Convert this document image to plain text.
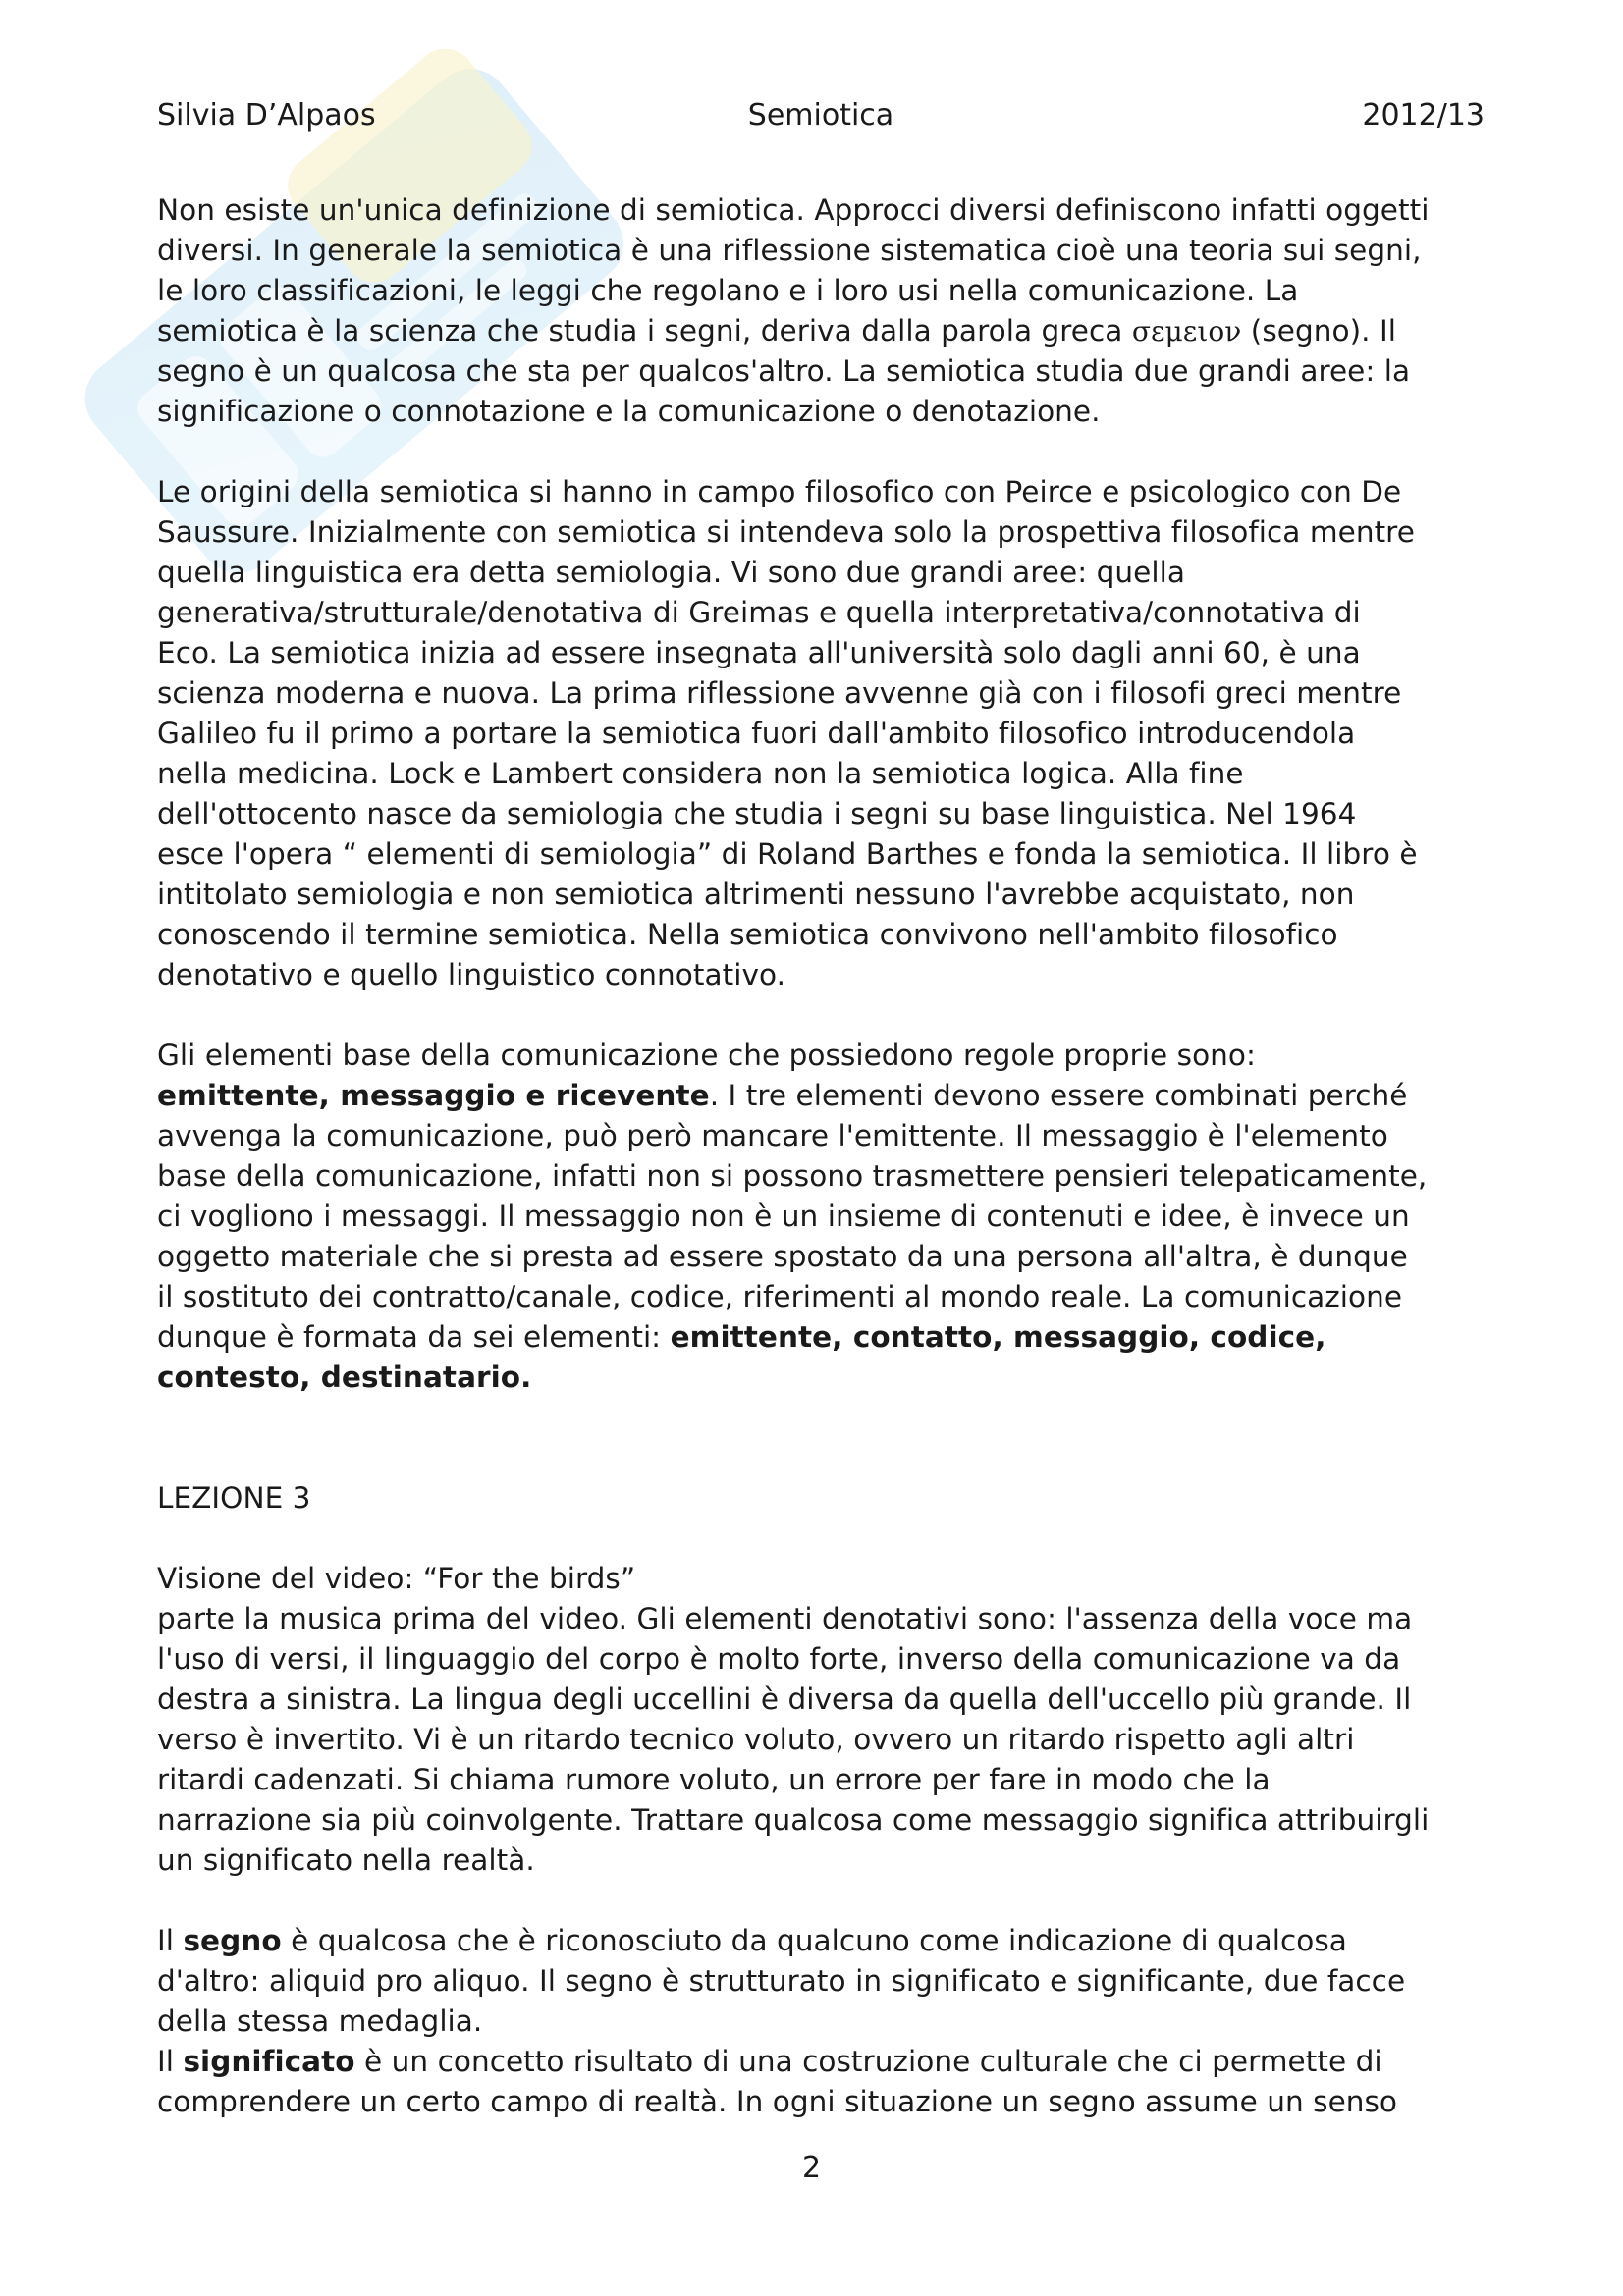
Silvia D’Alpaos	Semiotica	2012/13
Non esiste un'unica definizione di semiotica. Approcci diversi definiscono infatti oggetti
diversi. In generale la semiotica è una riflessione sistematica cioè una teoria sui segni,
le loro classificazioni, le leggi che regolano e i loro usi nella comunicazione. La
semiotica è la scienza che studia i segni, deriva dalla parola greca σεμειον (segno). Il
segno è un qualcosa che sta per qualcos'altro. La semiotica studia due grandi aree: la
significazione o connotazione e la comunicazione o denotazione.
Le origini della semiotica si hanno in campo filosofico con Peirce e psicologico con De
Saussure. Inizialmente con semiotica si intendeva solo la prospettiva filosofica mentre
quella linguistica era detta semiologia. Vi sono due grandi aree: quella
generativa/strutturale/denotativa di Greimas e quella interpretativa/connotativa di
Eco. La semiotica inizia ad essere insegnata all'università solo dagli anni 60, è una
scienza moderna e nuova. La prima riflessione avvenne già con i filosofi greci mentre
Galileo fu il primo a portare la semiotica fuori dall'ambito filosofico introducendola
nella medicina. Lock e Lambert considera non la semiotica logica. Alla fine
dell'ottocento nasce da semiologia che studia i segni su base linguistica. Nel 1964
esce l'opera “ elementi di semiologia” di Roland Barthes e fonda la semiotica. Il libro è
intitolato semiologia e non semiotica altrimenti nessuno l'avrebbe acquistato, non
conoscendo il termine semiotica. Nella semiotica convivono nell'ambito filosofico
denotativo e quello linguistico connotativo.
Gli elementi base della comunicazione che possiedono regole proprie sono:
emittente, messaggio e ricevente. I tre elementi devono essere combinati perché
avvenga la comunicazione, può però mancare l'emittente. Il messaggio è l'elemento
base della comunicazione, infatti non si possono trasmettere pensieri telepaticamente,
ci vogliono i messaggi. Il messaggio non è un insieme di contenuti e idee, è invece un
oggetto materiale che si presta ad essere spostato da una persona all'altra, è dunque
il sostituto dei contratto/canale, codice, riferimenti al mondo reale. La comunicazione
dunque è formata da sei elementi: emittente, contatto, messaggio, codice,
contesto, destinatario.
LEZIONE 3
Visione del video: “For the birds”
parte la musica prima del video. Gli elementi denotativi sono: l'assenza della voce ma
l'uso di versi, il linguaggio del corpo è molto forte, inverso della comunicazione va da
destra a sinistra. La lingua degli uccellini è diversa da quella dell'uccello più grande. Il
verso è invertito. Vi è un ritardo tecnico voluto, ovvero un ritardo rispetto agli altri
ritardi cadenzati. Si chiama rumore voluto, un errore per fare in modo che la
narrazione sia più coinvolgente. Trattare qualcosa come messaggio significa attribuirgli
un significato nella realtà.
Il segno è qualcosa che è riconosciuto da qualcuno come indicazione di qualcosa
d'altro: aliquid pro aliquo. Il segno è strutturato in significato e significante, due facce
della stessa medaglia.
Il significato è un concetto risultato di una costruzione culturale che ci permette di
comprendere un certo campo di realtà. In ogni situazione un segno assume un senso
2
